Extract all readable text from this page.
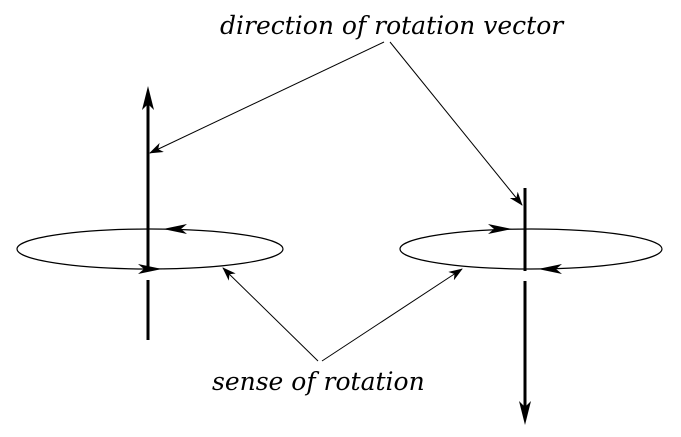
direction of rotation vector
sense of rotation
